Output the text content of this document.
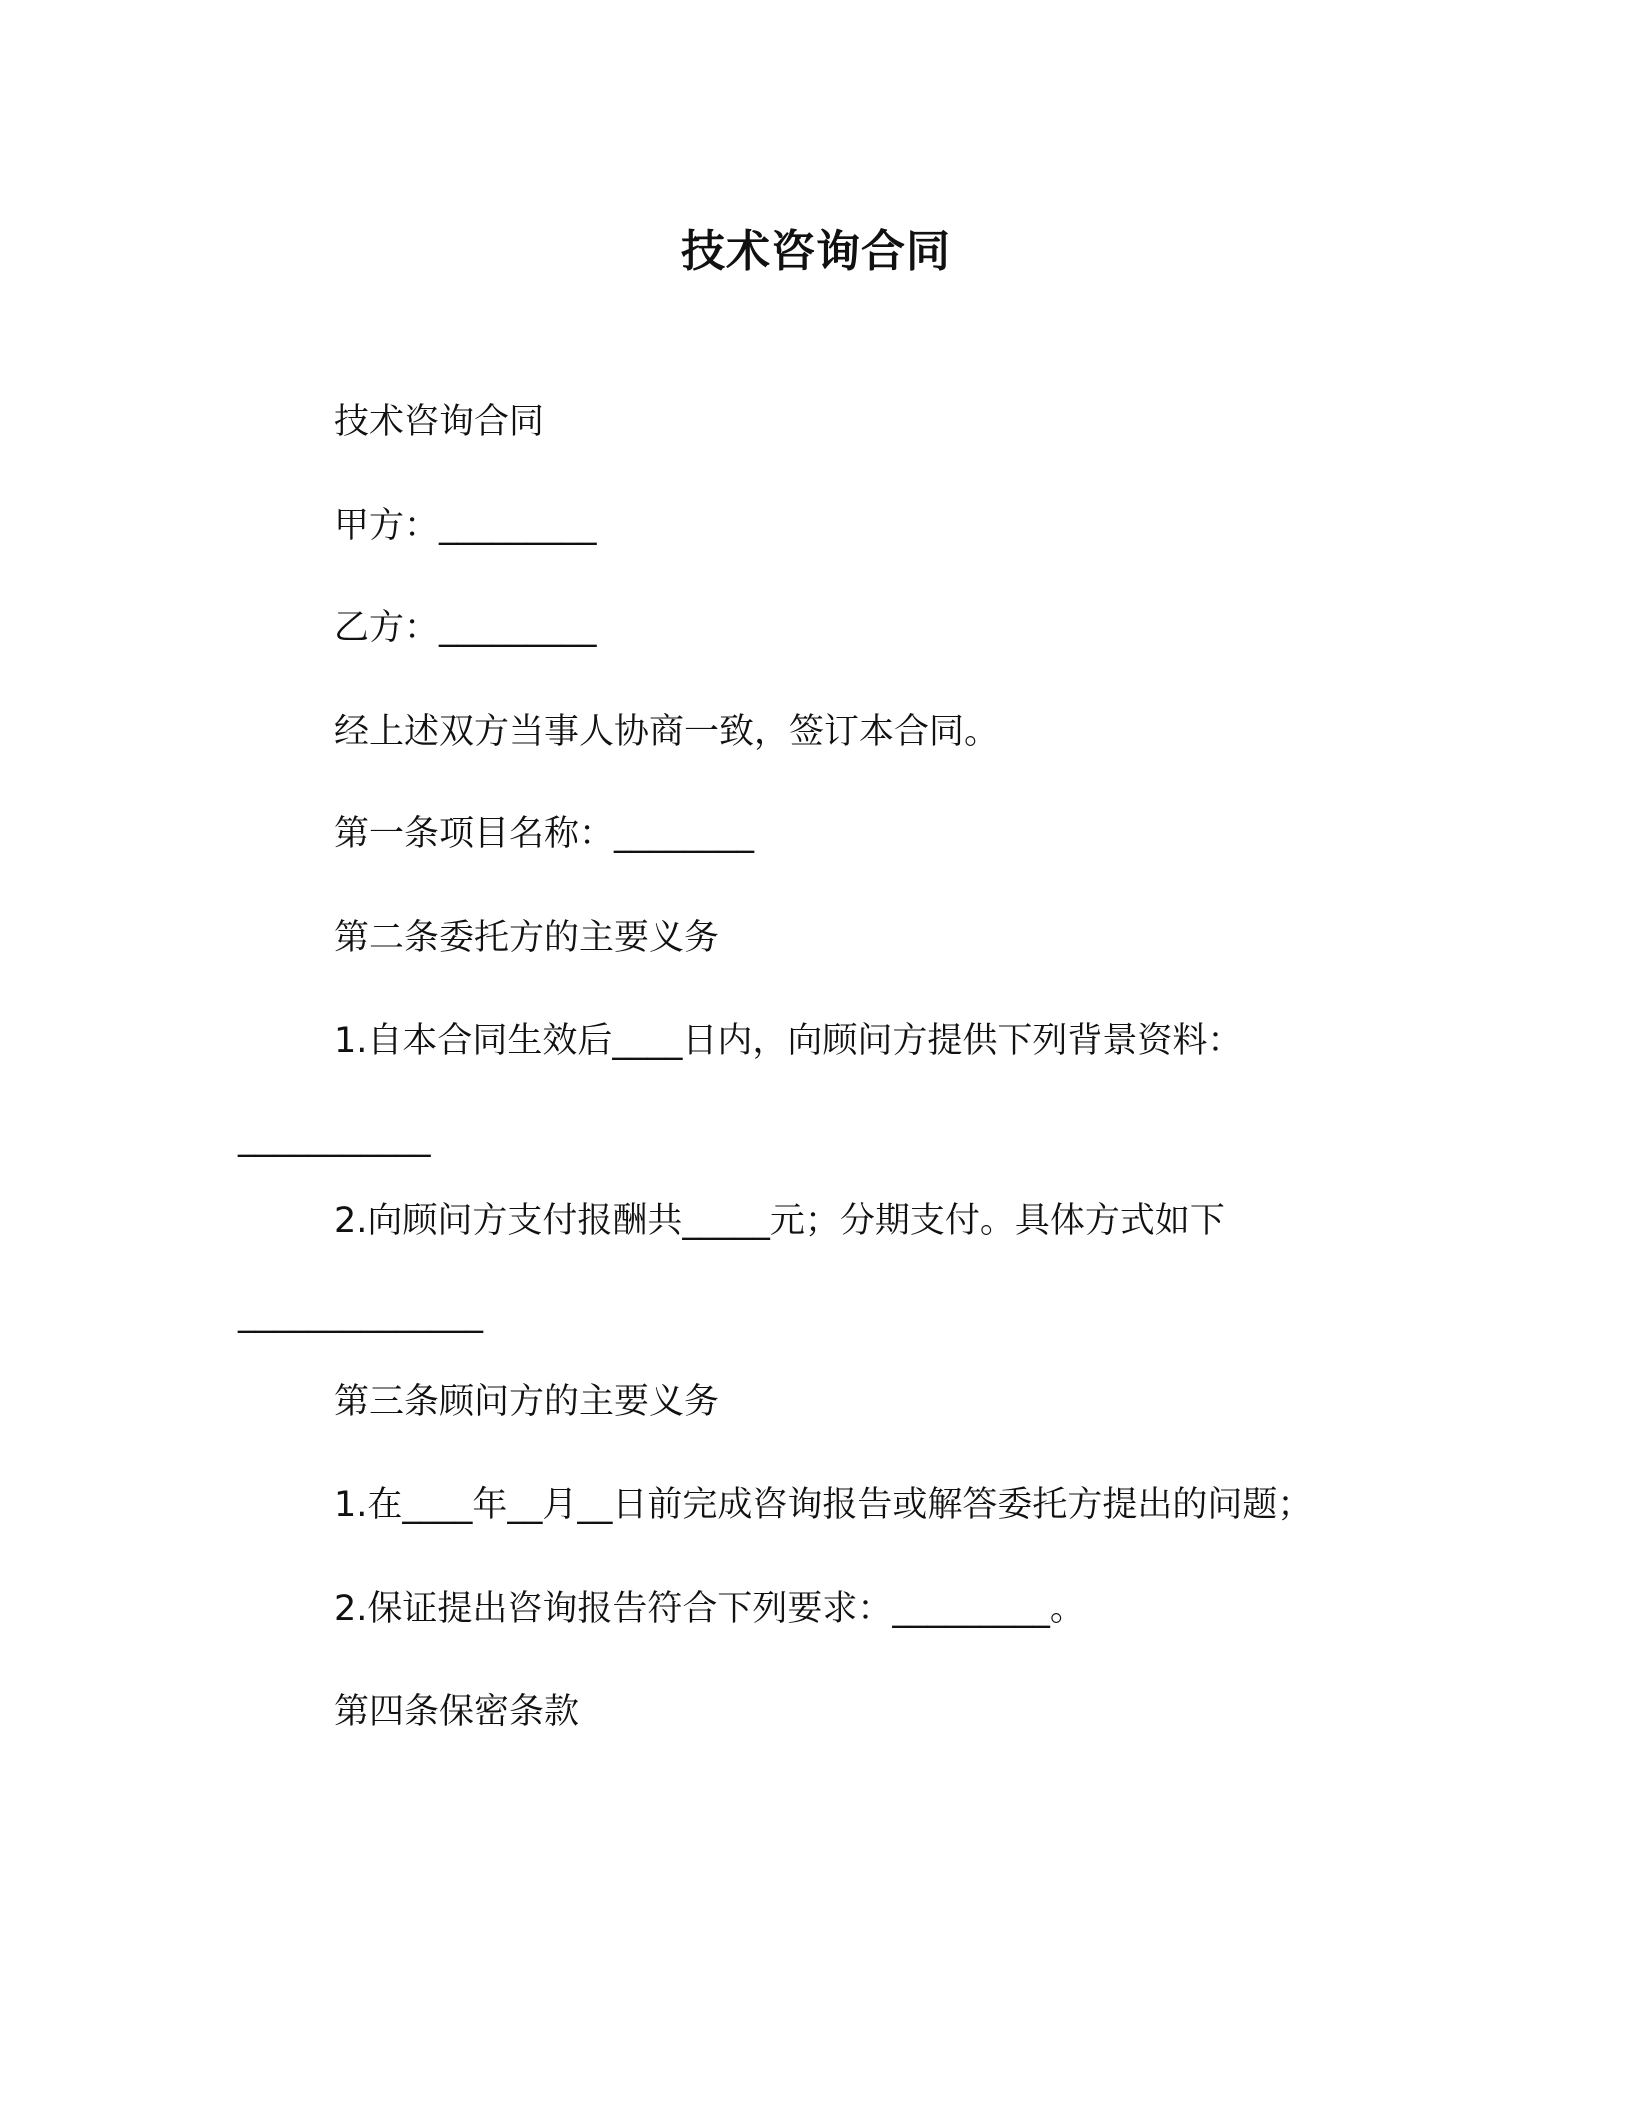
技术咨询合同
技术咨询合同
甲方：_________
乙方：_________
经上述双方当事人协商一致，签订本合同。
第一条项目名称：________
第二条委托方的主要义务
1.自本合同生效后____日内，向顾问方提供下列背景资料：
___________
2.向顾问方支付报酬共_____元；分期支付。具体方式如下
______________
第三条顾问方的主要义务
1.在____年__月__日前完成咨询报告或解答委托方提出的问题；
2.保证提出咨询报告符合下列要求：_________。
第四条保密条款
